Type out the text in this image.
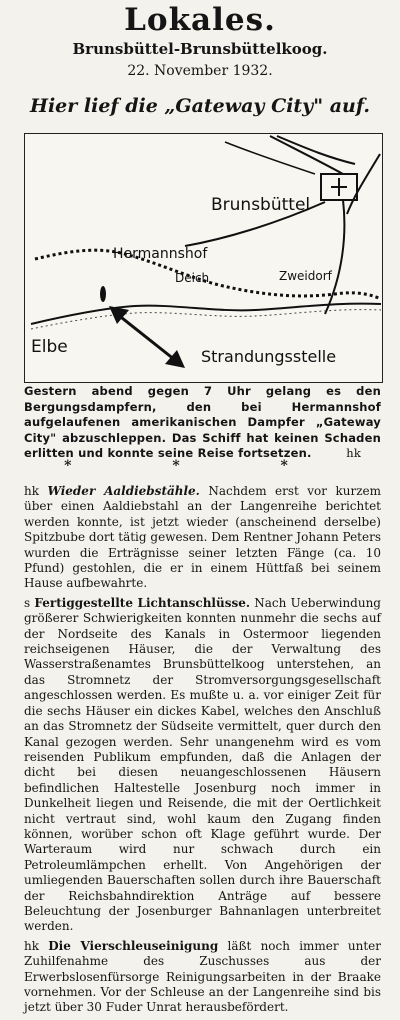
Lokales.
Brunsbüttel-Brunsbüttelkoog.
22. November 1932.
Hier lief die „Gateway City" auf.
Brunsbüttel
Hermannshof
Deich	Zweidorf
Elbe	Strandungsstelle
Gestern abend gegen 7 Uhr gelang es den Bergungsdampfern, den bei Hermannshof aufgelaufenen amerikanischen Dampfer „Gateway City" abzuschleppen. Das Schiff hat keinen Schaden erlitten und konnte seine Reise fortsetzen.	hk
* * *

hk Wieder Aaldiebstähle. Nachdem erst vor kurzem über einen Aaldiebstahl an der Langenreihe berichtet werden konnte, ist jetzt wieder (anscheinend derselbe) Spitzbube dort tätig gewesen. Dem Rentner Johann Peters wurden die Erträgnisse seiner letzten Fänge (ca. 10 Pfund) gestohlen, die er in einem Hüttfaß bei seinem Hause aufbewahrte.

s Fertiggestellte Lichtanschlüsse. Nach Ueberwindung größerer Schwierigkeiten konnten nunmehr die sechs auf der Nordseite des Kanals in Ostermoor liegenden reichseigenen Häuser, die der Verwaltung des Wasserstraßenamtes Brunsbüttelkoog unterstehen, an das Stromnetz der Stromversorgungsgesellschaft angeschlossen werden. Es mußte u. a. vor einiger Zeit für die sechs Häuser ein dickes Kabel, welches den Anschluß an das Stromnetz der Südseite vermittelt, quer durch den Kanal gezogen werden. Sehr unangenehm wird es vom reisenden Publikum empfunden, daß die Anlagen der dicht bei diesen neuangeschlossenen Häusern befindlichen Haltestelle Josenburg noch immer in Dunkelheit liegen und Reisende, die mit der Oertlichkeit nicht vertraut sind, wohl kaum den Zugang finden können, worüber schon oft Klage geführt wurde. Der Warteraum wird nur schwach durch ein Petroleumlämpchen erhellt. Von Angehörigen der umliegenden Bauerschaften sollen durch ihre Bauerschaft der Reichsbahndirektion Anträge auf bessere Beleuchtung der Josenburger Bahnanlagen unterbreitet werden.

hk Die Vierschleuseinigung läßt noch immer unter Zuhilfenahme des Zuschusses aus der Erwerbslosenfürsorge Reinigungsarbeiten in der Braake vornehmen. Vor der Schleuse an der Langenreihe sind bis jetzt über 30 Fuder Unrat herausbefördert.
